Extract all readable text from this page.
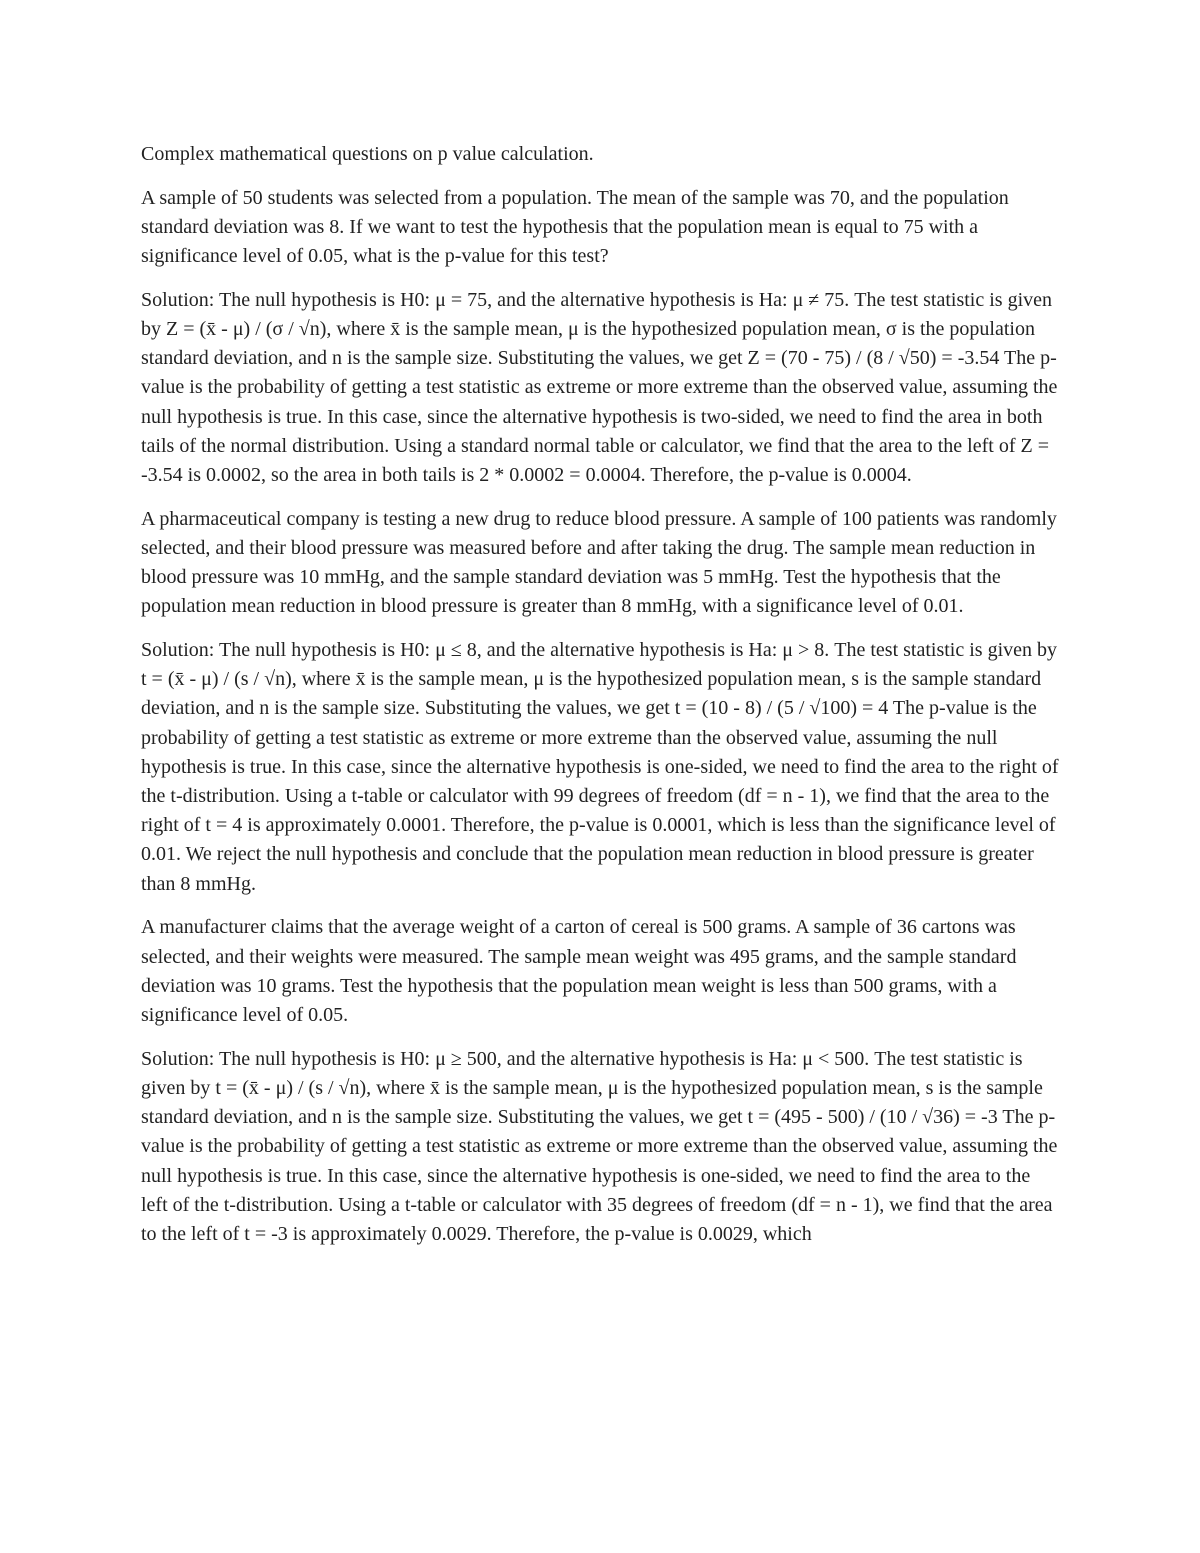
Complex mathematical questions on p value calculation.

A sample of 50 students was selected from a population. The mean of the sample was 70, and the population standard deviation was 8. If we want to test the hypothesis that the population mean is equal to 75 with a significance level of 0.05, what is the p-value for this test?

Solution: The null hypothesis is H0: μ = 75, and the alternative hypothesis is Ha: μ ≠ 75. The test statistic is given by Z = (x̄ - μ) / (σ / √n), where x̄ is the sample mean, μ is the hypothesized population mean, σ is the population standard deviation, and n is the sample size. Substituting the values, we get Z = (70 - 75) / (8 / √50) = -3.54 The p-value is the probability of getting a test statistic as extreme or more extreme than the observed value, assuming the null hypothesis is true. In this case, since the alternative hypothesis is two-sided, we need to find the area in both tails of the normal distribution. Using a standard normal table or calculator, we find that the area to the left of Z = -3.54 is 0.0002, so the area in both tails is 2 * 0.0002 = 0.0004. Therefore, the p-value is 0.0004.

A pharmaceutical company is testing a new drug to reduce blood pressure. A sample of 100 patients was randomly selected, and their blood pressure was measured before and after taking the drug. The sample mean reduction in blood pressure was 10 mmHg, and the sample standard deviation was 5 mmHg. Test the hypothesis that the population mean reduction in blood pressure is greater than 8 mmHg, with a significance level of 0.01.

Solution: The null hypothesis is H0: μ ≤ 8, and the alternative hypothesis is Ha: μ > 8. The test statistic is given by t = (x̄ - μ) / (s / √n), where x̄ is the sample mean, μ is the hypothesized population mean, s is the sample standard deviation, and n is the sample size. Substituting the values, we get t = (10 - 8) / (5 / √100) = 4 The p-value is the probability of getting a test statistic as extreme or more extreme than the observed value, assuming the null hypothesis is true. In this case, since the alternative hypothesis is one-sided, we need to find the area to the right of the t-distribution. Using a t-table or calculator with 99 degrees of freedom (df = n - 1), we find that the area to the right of t = 4 is approximately 0.0001. Therefore, the p-value is 0.0001, which is less than the significance level of 0.01. We reject the null hypothesis and conclude that the population mean reduction in blood pressure is greater than 8 mmHg.

A manufacturer claims that the average weight of a carton of cereal is 500 grams. A sample of 36 cartons was selected, and their weights were measured. The sample mean weight was 495 grams, and the sample standard deviation was 10 grams. Test the hypothesis that the population mean weight is less than 500 grams, with a significance level of 0.05.

Solution: The null hypothesis is H0: μ ≥ 500, and the alternative hypothesis is Ha: μ < 500. The test statistic is given by t = (x̄ - μ) / (s / √n), where x̄ is the sample mean, μ is the hypothesized population mean, s is the sample standard deviation, and n is the sample size. Substituting the values, we get t = (495 - 500) / (10 / √36) = -3 The p-value is the probability of getting a test statistic as extreme or more extreme than the observed value, assuming the null hypothesis is true. In this case, since the alternative hypothesis is one-sided, we need to find the area to the left of the t-distribution. Using a t-table or calculator with 35 degrees of freedom (df = n - 1), we find that the area to the left of t = -3 is approximately 0.0029. Therefore, the p-value is 0.0029, which
